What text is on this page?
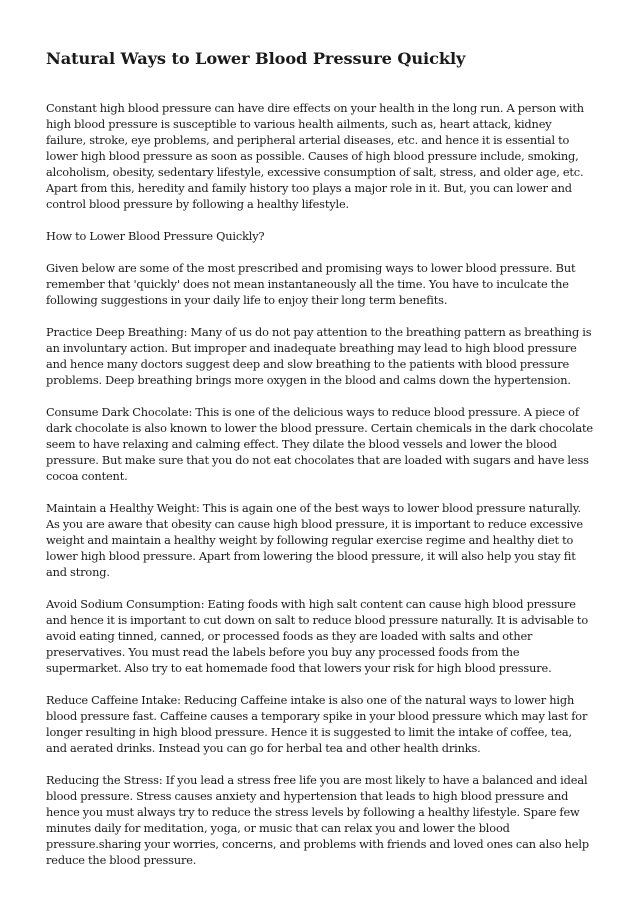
Natural Ways to Lower Blood Pressure Quickly

Constant high blood pressure can have dire effects on your health in the long run. A person with high blood pressure is susceptible to various health ailments, such as, heart attack, kidney failure, stroke, eye problems, and peripheral arterial diseases, etc. and hence it is essential to lower high blood pressure as soon as possible. Causes of high blood pressure include, smoking, alcoholism, obesity, sedentary lifestyle, excessive consumption of salt, stress, and older age, etc. Apart from this, heredity and family history too plays a major role in it. But, you can lower and control blood pressure by following a healthy lifestyle.

How to Lower Blood Pressure Quickly?

Given below are some of the most prescribed and promising ways to lower blood pressure. But remember that 'quickly' does not mean instantaneously all the time. You have to inculcate the following suggestions in your daily life to enjoy their long term benefits.

Practice Deep Breathing: Many of us do not pay attention to the breathing pattern as breathing is an involuntary action. But improper and inadequate breathing may lead to high blood pressure and hence many doctors suggest deep and slow breathing to the patients with blood pressure problems. Deep breathing brings more oxygen in the blood and calms down the hypertension.

Consume Dark Chocolate: This is one of the delicious ways to reduce blood pressure. A piece of dark chocolate is also known to lower the blood pressure. Certain chemicals in the dark chocolate seem to have relaxing and calming effect. They dilate the blood vessels and lower the blood pressure. But make sure that you do not eat chocolates that are loaded with sugars and have less cocoa content.

Maintain a Healthy Weight: This is again one of the best ways to lower blood pressure naturally. As you are aware that obesity can cause high blood pressure, it is important to reduce excessive weight and maintain a healthy weight by following regular exercise regime and healthy diet to lower high blood pressure. Apart from lowering the blood pressure, it will also help you stay fit and strong.

Avoid Sodium Consumption: Eating foods with high salt content can cause high blood pressure and hence it is important to cut down on salt to reduce blood pressure naturally. It is advisable to avoid eating tinned, canned, or processed foods as they are loaded with salts and other preservatives. You must read the labels before you buy any processed foods from the supermarket. Also try to eat homemade food that lowers your risk for high blood pressure.

Reduce Caffeine Intake: Reducing Caffeine intake is also one of the natural ways to lower high blood pressure fast. Caffeine causes a temporary spike in your blood pressure which may last for longer resulting in high blood pressure. Hence it is suggested to limit the intake of coffee, tea, and aerated drinks. Instead you can go for herbal tea and other health drinks.

Reducing the Stress: If you lead a stress free life you are most likely to have a balanced and ideal blood pressure. Stress causes anxiety and hypertension that leads to high blood pressure and hence you must always try to reduce the stress levels by following a healthy lifestyle. Spare few minutes daily for meditation, yoga, or music that can relax you and lower the blood pressure.sharing your worries, concerns, and problems with friends and loved ones can also help reduce the blood pressure.
